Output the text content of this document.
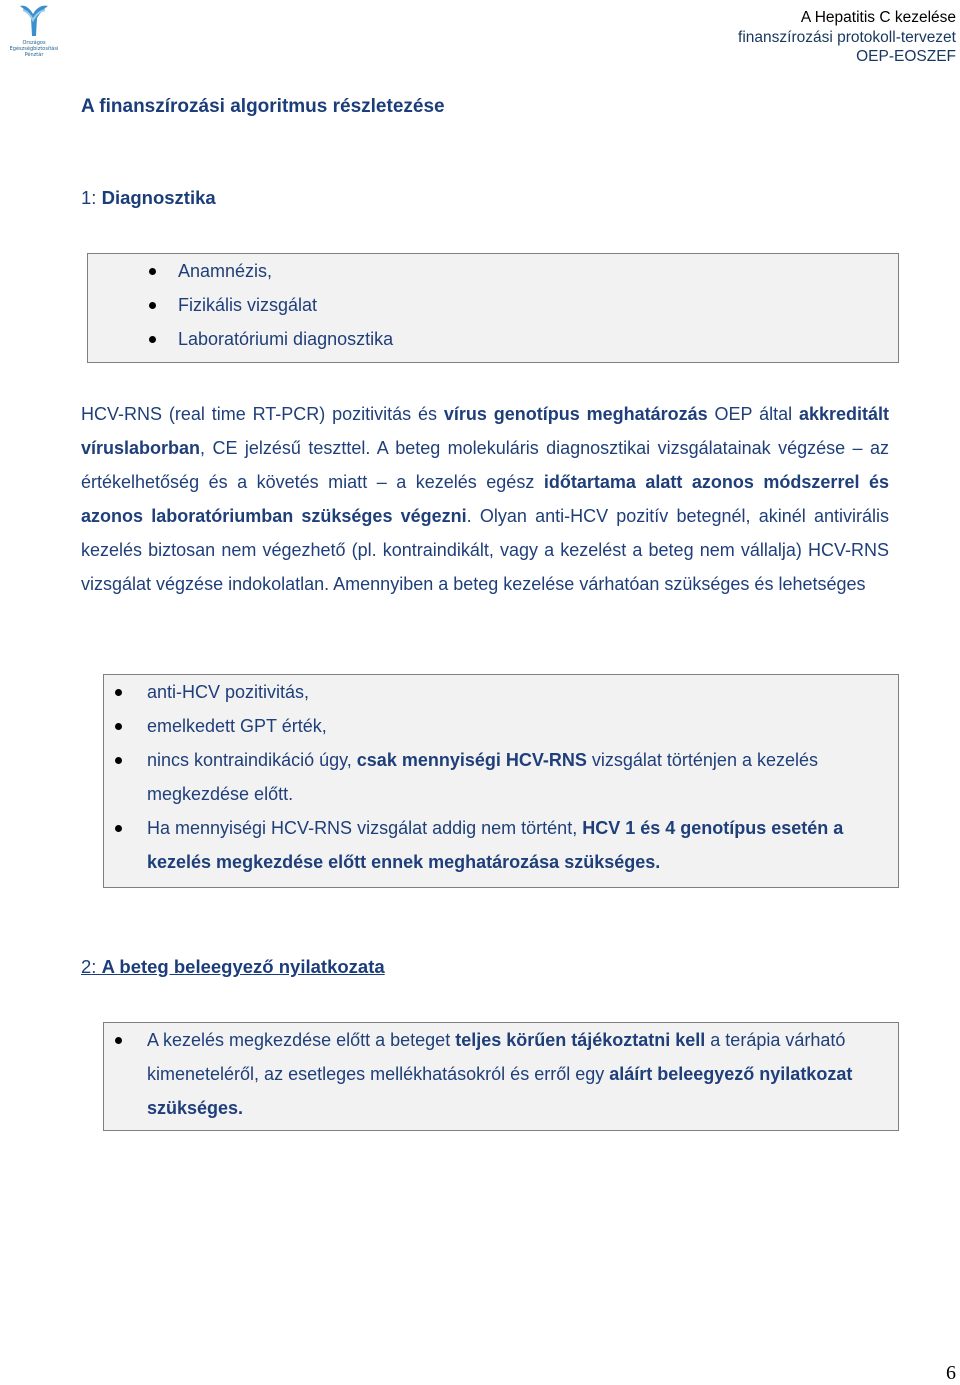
Országos Egészségbiztosítási
Pénztár
A Hepatitis C kezelése
finanszírozási protokoll-tervezet
OEP-EOSZEF
A finanszírozási algoritmus részletezése
1: Diagnosztika
Anamnézis,
Fizikális vizsgálat
Laboratóriumi diagnosztika

HCV-RNS (real time RT-PCR) pozitivitás és vírus genotípus meghatározás OEP által akkreditált víruslaborban, CE jelzésű teszttel. A beteg molekuláris diagnosztikai vizsgálatainak végzése – az értékelhetőség és a követés miatt – a kezelés egész időtartama alatt azonos módszerrel és azonos laboratóriumban szükséges végezni. Olyan anti-HCV pozitív betegnél, akinél antivirális kezelés biztosan nem végezhető (pl. kontraindikált, vagy a kezelést a beteg nem vállalja) HCV-RNS vizsgálat végzése indokolatlan. Amennyiben a beteg kezelése várhatóan szükséges és lehetséges

anti-HCV pozitivitás,
emelkedett GPT érték,
nincs kontraindikáció úgy, csak mennyiségi HCV-RNS vizsgálat történjen a kezelés megkezdése előtt.
Ha mennyiségi HCV-RNS vizsgálat addig nem történt, HCV 1 és 4 genotípus esetén a kezelés megkezdése előtt ennek meghatározása szükséges.
2: A beteg beleegyező nyilatkozata
A kezelés megkezdése előtt a beteget teljes körűen tájékoztatni kell a terápia várható kimeneteléről, az esetleges mellékhatásokról és erről egy aláírt beleegyező nyilatkozat szükséges.
6
